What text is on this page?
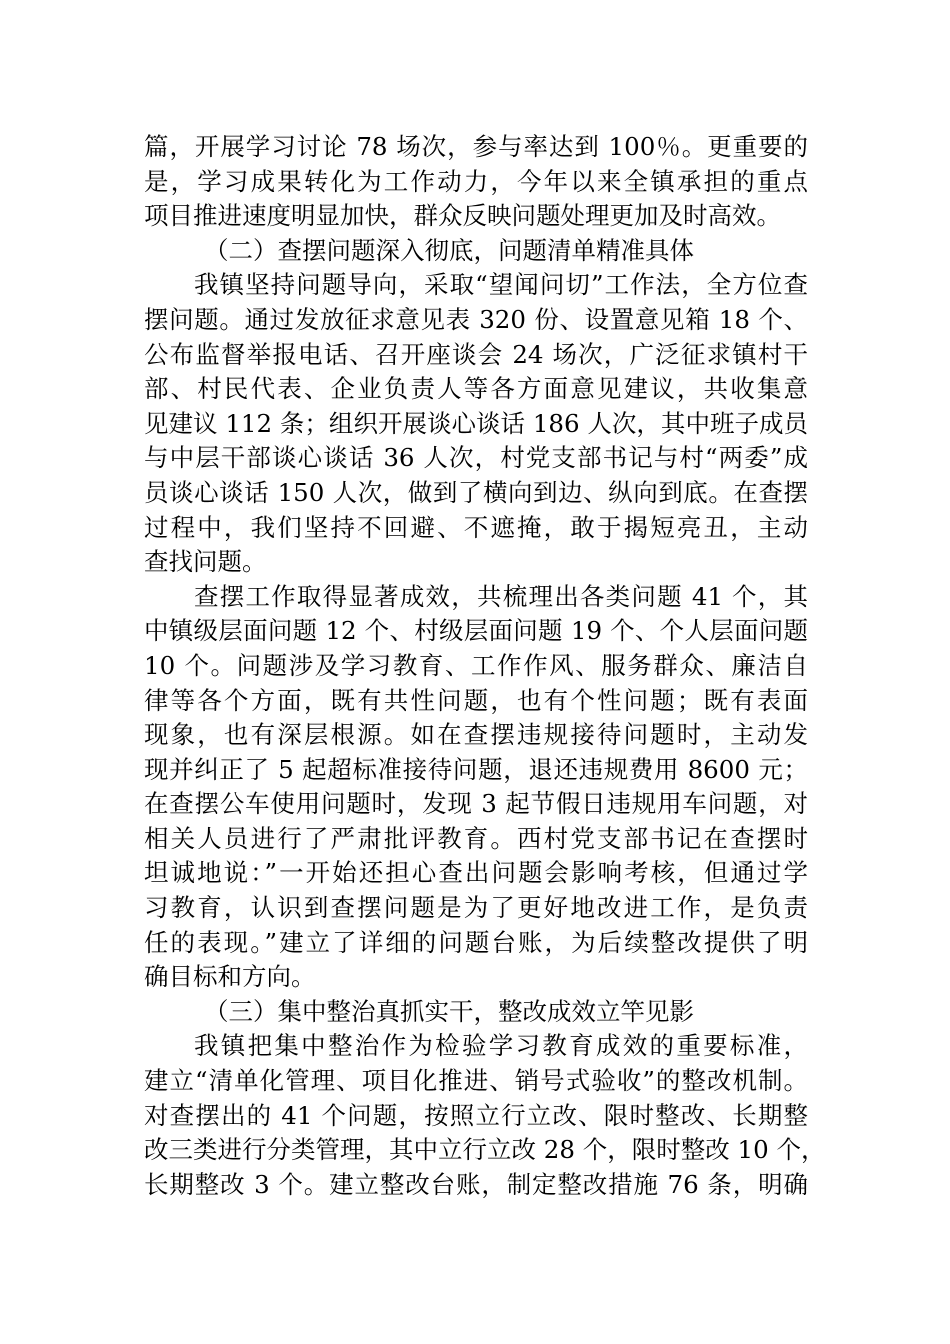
篇，开展学习讨论 78 场次，参与率达到 100％。更重要的
是，学习成果转化为工作动力，今年以来全镇承担的重点
项目推进速度明显加快，群众反映问题处理更加及时高效。
（二）查摆问题深入彻底，问题清单精准具体
我镇坚持问题导向，采取“望闻问切”工作法，全方位查
摆问题。通过发放征求意见表 320 份、设置意见箱 18 个、
公布监督举报电话、召开座谈会 24 场次，广泛征求镇村干
部、村民代表、企业负责人等各方面意见建议，共收集意
见建议 112 条；组织开展谈心谈话 186 人次，其中班子成员
与中层干部谈心谈话 36 人次，村党支部书记与村“两委”成
员谈心谈话 150 人次，做到了横向到边、纵向到底。在查摆
过程中，我们坚持不回避、不遮掩，敢于揭短亮丑，主动
查找问题。
查摆工作取得显著成效，共梳理出各类问题 41 个，其
中镇级层面问题 12 个、村级层面问题 19 个、个人层面问题
10 个。问题涉及学习教育、工作作风、服务群众、廉洁自
律等各个方面，既有共性问题，也有个性问题；既有表面
现象，也有深层根源。如在查摆违规接待问题时，主动发
现并纠正了 5 起超标准接待问题，退还违规费用 8600 元；
在查摆公车使用问题时，发现 3 起节假日违规用车问题，对
相关人员进行了严肃批评教育。西村党支部书记在查摆时
坦诚地说：”一开始还担心查出问题会影响考核，但通过学
习教育，认识到查摆问题是为了更好地改进工作，是负责
任的表现。”建立了详细的问题台账，为后续整改提供了明
确目标和方向。
（三）集中整治真抓实干，整改成效立竿见影
我镇把集中整治作为检验学习教育成效的重要标准，
建立“清单化管理、项目化推进、销号式验收”的整改机制。
对查摆出的 41 个问题，按照立行立改、限时整改、长期整
改三类进行分类管理，其中立行立改 28 个，限时整改 10 个，
长期整改 3 个。建立整改台账，制定整改措施 76 条，明确
